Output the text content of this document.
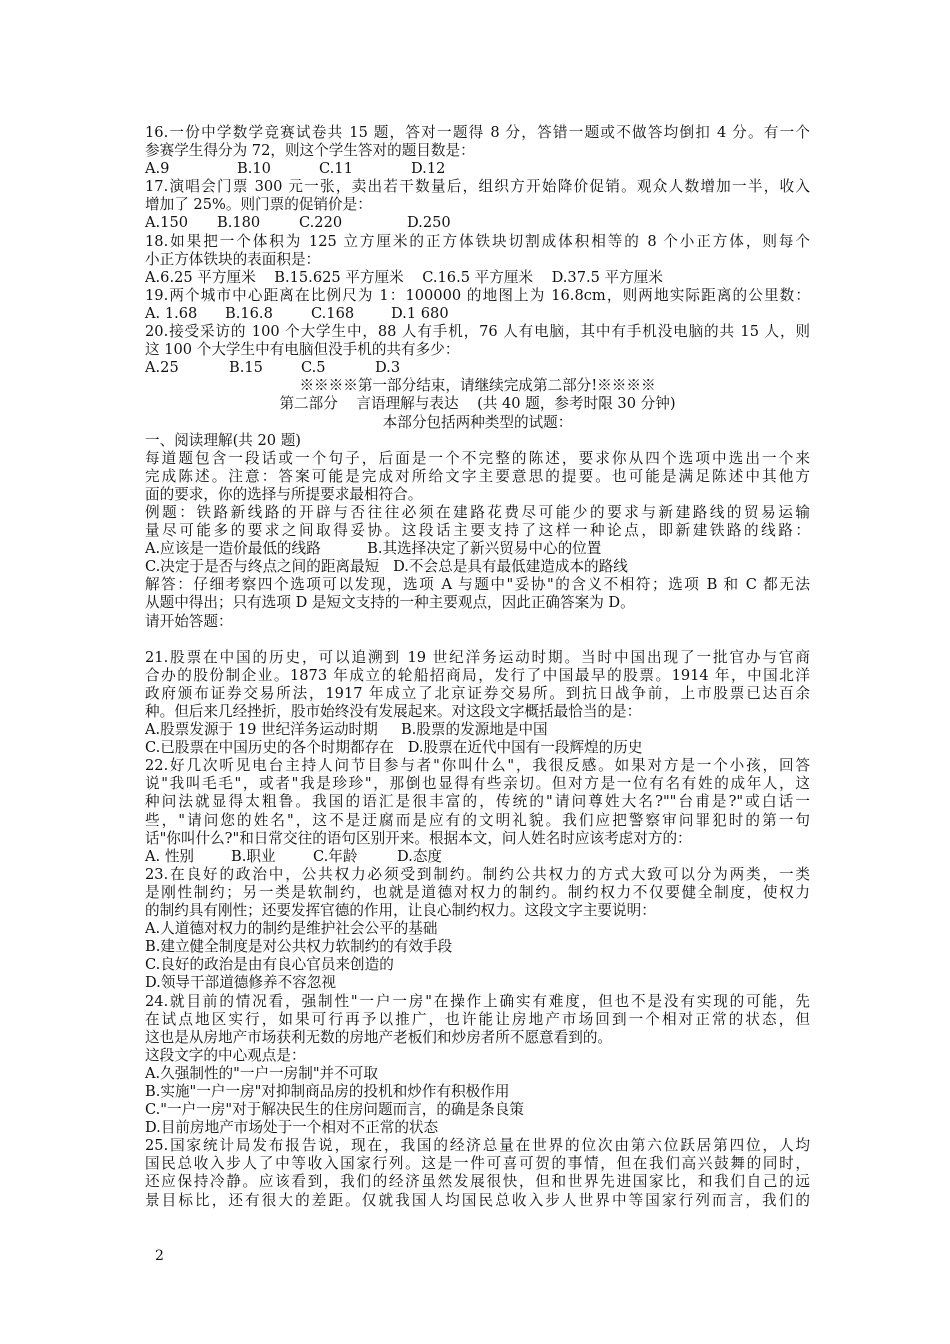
16.一份中学数学竞赛试卷共 15 题，答对一题得 8 分，答错一题或不做答均倒扣 4 分。有一个
参赛学生得分为 72，则这个学生答对的题目数是：
A.9	B.10	C.11	D.12
17.演唱会门票 300 元一张，卖出若干数量后，组织方开始降价促销。观众人数增加一半，收入
增加了 25%。则门票的促销价是：
A.150	B.180	C.220	D.250
18.如果把一个体积为 125 立方厘米的正方体铁块切割成体积相等的 8 个小正方体，则每个
小正方体铁块的表面积是：
A.6.25 平方厘米    B.15.625 平方厘米    C.16.5 平方厘米    D.37.5 平方厘米
19.两个城市中心距离在比例尺为 1：100000 的地图上为 16.8cm，则两地实际距离的公里数：
A. 1.68	B.16.8	C.168	D.1 680
20.接受采访的 100 个大学生中，88 人有手机，76 人有电脑，其中有手机没电脑的共 15 人，则
这 100 个大学生中有电脑但没手机的共有多少：
A.25	B.15	C.5	D.3
※※※※第一部分结束，请继续完成第二部分!※※※※
第二部分    言语理解与表达    (共 40 题，参考时限 30 分钟)
本部分包括两种类型的试题：
一、阅读理解(共 20 题)
每道题包含一段话或一个句子，后面是一个不完整的陈述，要求你从四个选项中选出一个来
完成陈述。注意：答案可能是完成对所给文字主要意思的提要。也可能是满足陈述中其他方
面的要求，你的选择与所提要求最相符合。
例题：铁路新线路的开辟与否往往必须在建路花费尽可能少的要求与新建路线的贸易运输
量尽可能多的要求之间取得妥协。这段话主要支持了这样一种论点，即新建铁路的线路：
A.应该是一造价最低的线路          B.其选择决定了新兴贸易中心的位置
C.决定于是否与终点之间的距离最短   D.不会总是具有最低建造成本的路线
解答：仔细考察四个选项可以发现，选项 A 与题中"妥协"的含义不相符；选项 B 和 C 都无法
从题中得出；只有选项 D 是短文支持的一种主要观点，因此正确答案为 D。
请开始答题：
21.股票在中国的历史，可以追溯到 19 世纪洋务运动时期。当时中国出现了一批官办与官商
合办的股份制企业。1873 年成立的轮船招商局，发行了中国最早的股票。1914 年，中国北洋
政府颁布证券交易所法，1917 年成立了北京证券交易所。到抗日战争前，上市股票已达百余
种。但后来几经挫折，股市始终没有发展起来。对这段文字概括最恰当的是：
A.股票发源于 19 世纪洋务运动时期     B.股票的发源地是中国
C.已股票在中国历史的各个时期都存在   D.股票在近代中国有一段辉煌的历史
22.好几次听见电台主持人问节目参与者"你叫什么"，我很反感。如果对方是一个小孩，回答
说"我叫毛毛"，或者"我是珍珍"，那倒也显得有些亲切。但对方是一位有名有姓的成年人，这
种问法就显得太粗鲁。我国的语汇是很丰富的，传统的"请问尊姓大名?""台甫是?"或白话一
些，"请问您的姓名"，这不是迂腐而是应有的文明礼貌。我们应把警察审问罪犯时的第一句
话"你叫什么?"和日常交往的语句区别开来。根据本文，问人姓名时应该考虑对方的：
A. 性别	B.职业	C.年龄	D.态度
23.在良好的政治中，公共权力必须受到制约。制约公共权力的方式大致可以分为两类，一类
是刚性制约；另一类是软制约，也就是道德对权力的制约。制约权力不仅要健全制度，使权力
的制约具有刚性；还要发挥官德的作用，让良心制约权力。这段文字主要说明：
A.人道德对权力的制约是维护社会公平的基础
B.建立健全制度是对公共权力软制约的有效手段
C.良好的政治是由有良心官员来创造的
D.领导干部道德修养不容忽视
24.就目前的情况看，强制性"一户一房"在操作上确实有难度，但也不是没有实现的可能，先
在试点地区实行，如果可行再予以推广，也许能让房地产市场回到一个相对正常的状态，但
这也是从房地产市场获利无数的房地产老板们和炒房者所不愿意看到的。
这段文字的中心观点是：
A.久强制性的"一户一房制"并不可取
B.实施"一户一房"对抑制商品房的投机和炒作有积极作用
C."一户一房"对于解决民生的住房问题而言，的确是条良策
D.目前房地产市场处于一个相对不正常的状态
25.国家统计局发布报告说，现在，我国的经济总量在世界的位次由第六位跃居第四位，人均
国民总收入步人了中等收入国家行列。这是一件可喜可贺的事情，但在我们高兴鼓舞的同时，
还应保持冷静。应该看到，我们的经济虽然发展很快，但和世界先进国家比，和我们自己的远
景目标比，还有很大的差距。仅就我国人均国民总收入步人世界中等国家行列而言，我们的
2
